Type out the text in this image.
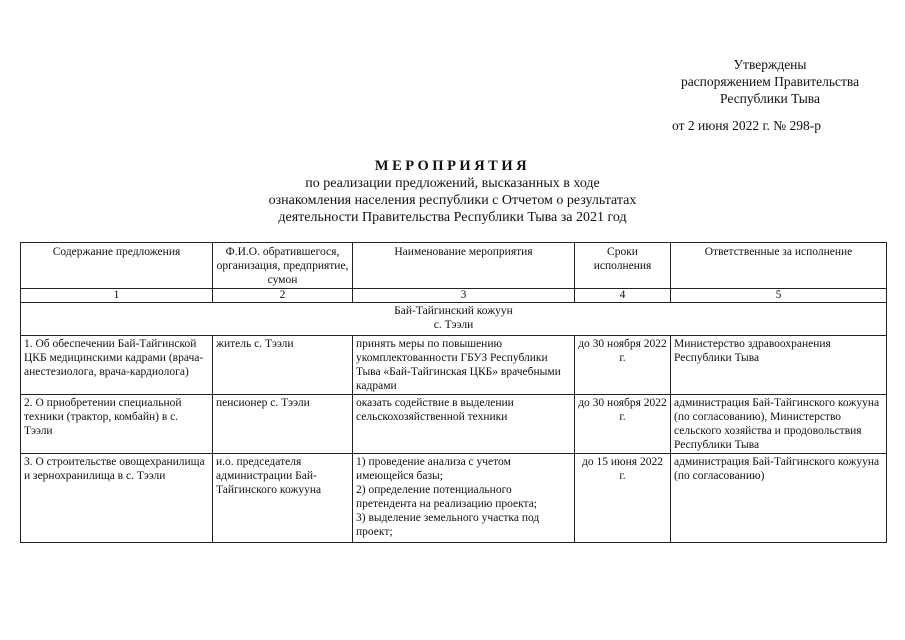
Утверждены
распоряжением Правительства
Республики Тыва
от 2 июня 2022 г. № 298-р
МЕРОПРИЯТИЯ
по реализации предложений, высказанных в ходе
ознакомления населения республики с Отчетом о результатах
деятельности Правительства Республики Тыва за 2021 год
Содержание предложения	Ф.И.О. обратившегося, организация, предприятие, сумон	Наименование мероприятия	Сроки исполнения	Ответственные за исполнение
1	2	3	4	5

Бай-Тайгинский кожуун
с. Тээли				

1. Об обеспечении Бай-Тайгинской ЦКБ медицинскими кадрами (врача-анестезиолога, врача-кардиолога)	житель с. Тээли	принять меры по повышению укомплектованности ГБУЗ Республики Тыва «Бай-Тайгинская ЦКБ» врачебными кадрами	до 30 ноября 2022 г.	Министерство здравоохранения Республики Тыва
2. О приобретении специальной техники (трактор, комбайн) в с. Тээли	пенсионер с. Тээли	оказать содействие в выделении сельскохозяйственной техники	до 30 ноября 2022 г.	администрация Бай-Тайгинского кожууна (по согласованию), Министерство сельского хозяйства и продовольствия Республики Тыва
3. О строительстве овощехранилища и зернохранилища в с. Тээли	и.о. председателя администрации Бай-Тайгинского кожууна	1) проведение анализа с учетом имеющейся базы;
2) определение потенциального претендента на реализацию проекта;
3) выделение земельного участка под проект;	до 15 июня 2022 г.	администрация Бай-Тайгинского кожууна (по согласованию)
